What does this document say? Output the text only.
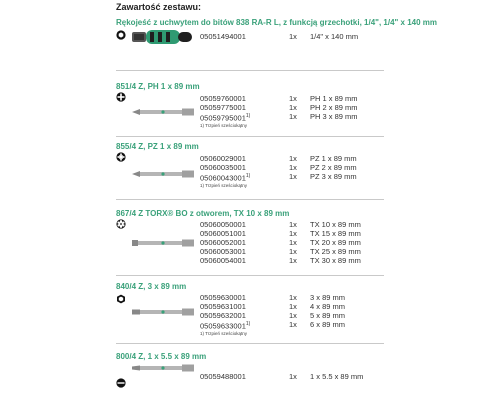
Zawartość zestawu:
Rękojeść z uchwytem do bitów 838 RA-R L, z funkcją grzechotki, 1/4", 1/4" x 140 mm
05051494001	1x 1/4" x 140 mm
851/4 Z, PH 1 x 89 mm
05059760001	1x PH 1 x 89 mm
05059775001	1x PH 2 x 89 mm
05059795001$^{1)}$	1x PH 3 x 89 mm
1) Trzpień sześciokątny
855/4 Z, PZ 1 x 89 mm
05060029001	1x PZ 1 x 89 mm
05060035001	1x PZ 2 x 89 mm
05060043001$^{1)}$	1x PZ 3 x 89 mm
1) Trzpień sześciokątny
867/4 Z TORX® BO z otworem, TX 10 x 89 mm
05060050001	1x TX 10 x 89 mm
05060051001	1x TX 15 x 89 mm
05060052001	1x TX 20 x 89 mm
05060053001	1x TX 25 x 89 mm
05060054001	1x TX 30 x 89 mm
840/4 Z, 3 x 89 mm
05059630001	1x 3 x 89 mm
05059631001	1x 4 x 89 mm
05059632001	1x 5 x 89 mm
05059633001$^{1)}$	1x 6 x 89 mm
1) Trzpień sześciokątny
800/4 Z, 1 x 5.5 x 89 mm
05059488001	1x 1 x 5.5 x 89 mm
